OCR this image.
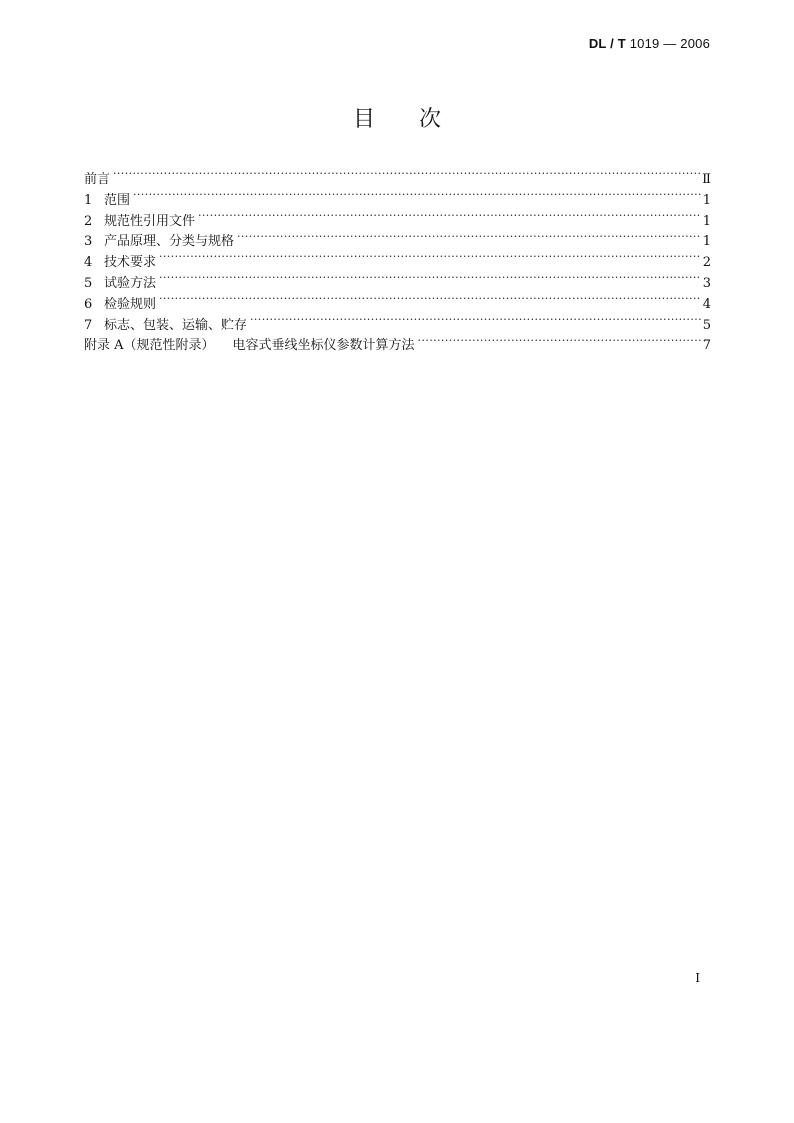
DL / T 1019 — 2006
目 次
前言 ·····	Ⅱ
1 范围 ·····	1
2 规范性引用文件 ·····	1
3 产品原理、分类与规格 ·····	1
4 技术要求 ·····	2
5 试验方法 ·····	3
6 检验规则 ·····	4
7 标志、包装、运输、贮存 ·····	5
附录 A（规范性附录） 电容式垂线坐标仪参数计算方法 ·····	7
I
